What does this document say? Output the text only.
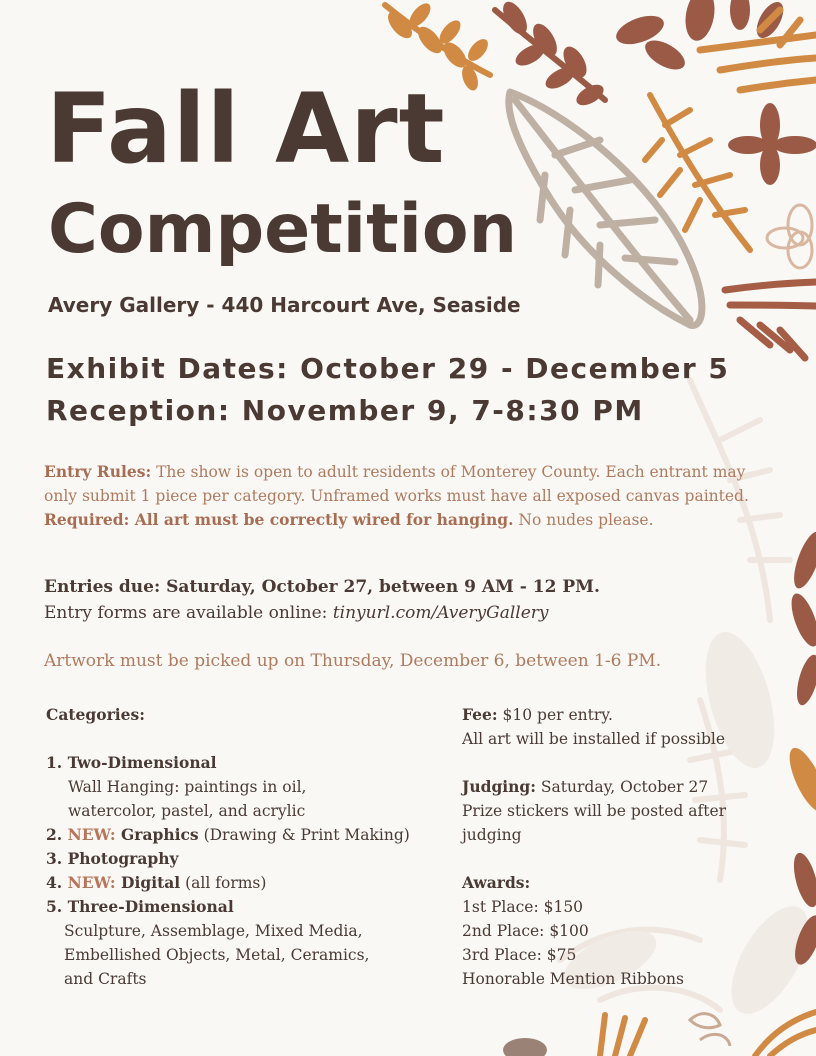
Fall Art
Competition
Avery Gallery - 440 Harcourt Ave, Seaside
Exhibit Dates: October 29 - December 5
Reception: November 9, 7-8:30 PM
Entry Rules: The show is open to adult residents of Monterey County. Each entrant may only submit 1 piece per category. Unframed works must have all exposed canvas painted. Required: All art must be correctly wired for hanging. No nudes please.
Entries due: Saturday, October 27, between 9 AM - 12 PM.
Entry forms are available online: tinyurl.com/AveryGallery
Artwork must be picked up on Thursday, December 6, between 1-6 PM.

Categories:

1. Two-Dimensional

Wall Hanging: paintings in oil,

watercolor, pastel, and acrylic

2. NEW: Graphics (Drawing & Print Making)

3. Photography

4. NEW: Digital (all forms)

5. Three-Dimensional

Sculpture, Assemblage, Mixed Media,

Embellished Objects, Metal, Ceramics,

and Crafts

Fee: $10 per entry.

All art will be installed if possible

Judging: Saturday, October 27

Prize stickers will be posted after

judging

Awards:

1st Place: $150

2nd Place: $100

3rd Place: $75

Honorable Mention Ribbons
